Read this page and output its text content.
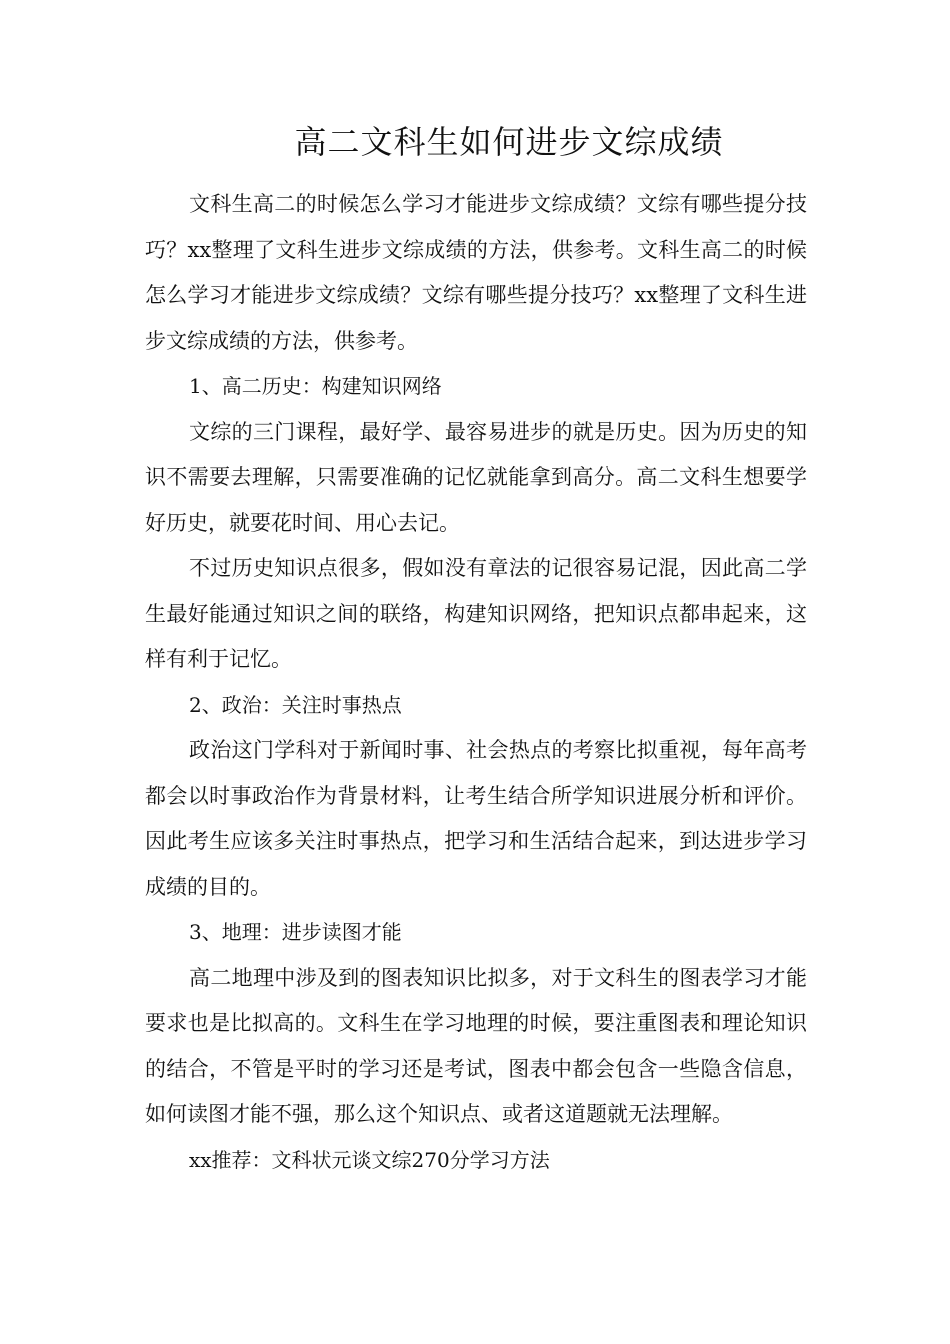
高二文科生如何进步文综成绩

文科生高二的时候怎么学习才能进步文综成绩？文综有哪些提分技巧？xx整理了文科生进步文综成绩的方法，供参考。文科生高二的时候怎么学习才能进步文综成绩？文综有哪些提分技巧？xx整理了文科生进步文综成绩的方法，供参考。

1、高二历史：构建知识网络

文综的三门课程，最好学、最容易进步的就是历史。因为历史的知识不需要去理解，只需要准确的记忆就能拿到高分。高二文科生想要学好历史，就要花时间、用心去记。

不过历史知识点很多，假如没有章法的记很容易记混，因此高二学生最好能通过知识之间的联络，构建知识网络，把知识点都串起来，这样有利于记忆。

2、政治：关注时事热点

政治这门学科对于新闻时事、社会热点的考察比拟重视，每年高考都会以时事政治作为背景材料，让考生结合所学知识进展分析和评价。因此考生应该多关注时事热点，把学习和生活结合起来，到达进步学习成绩的目的。

3、地理：进步读图才能

高二地理中涉及到的图表知识比拟多，对于文科生的图表学习才能要求也是比拟高的。文科生在学习地理的时候，要注重图表和理论知识的结合，不管是平时的学习还是考试，图表中都会包含一些隐含信息，如何读图才能不强，那么这个知识点、或者这道题就无法理解。

xx推荐：文科状元谈文综270分学习方法
